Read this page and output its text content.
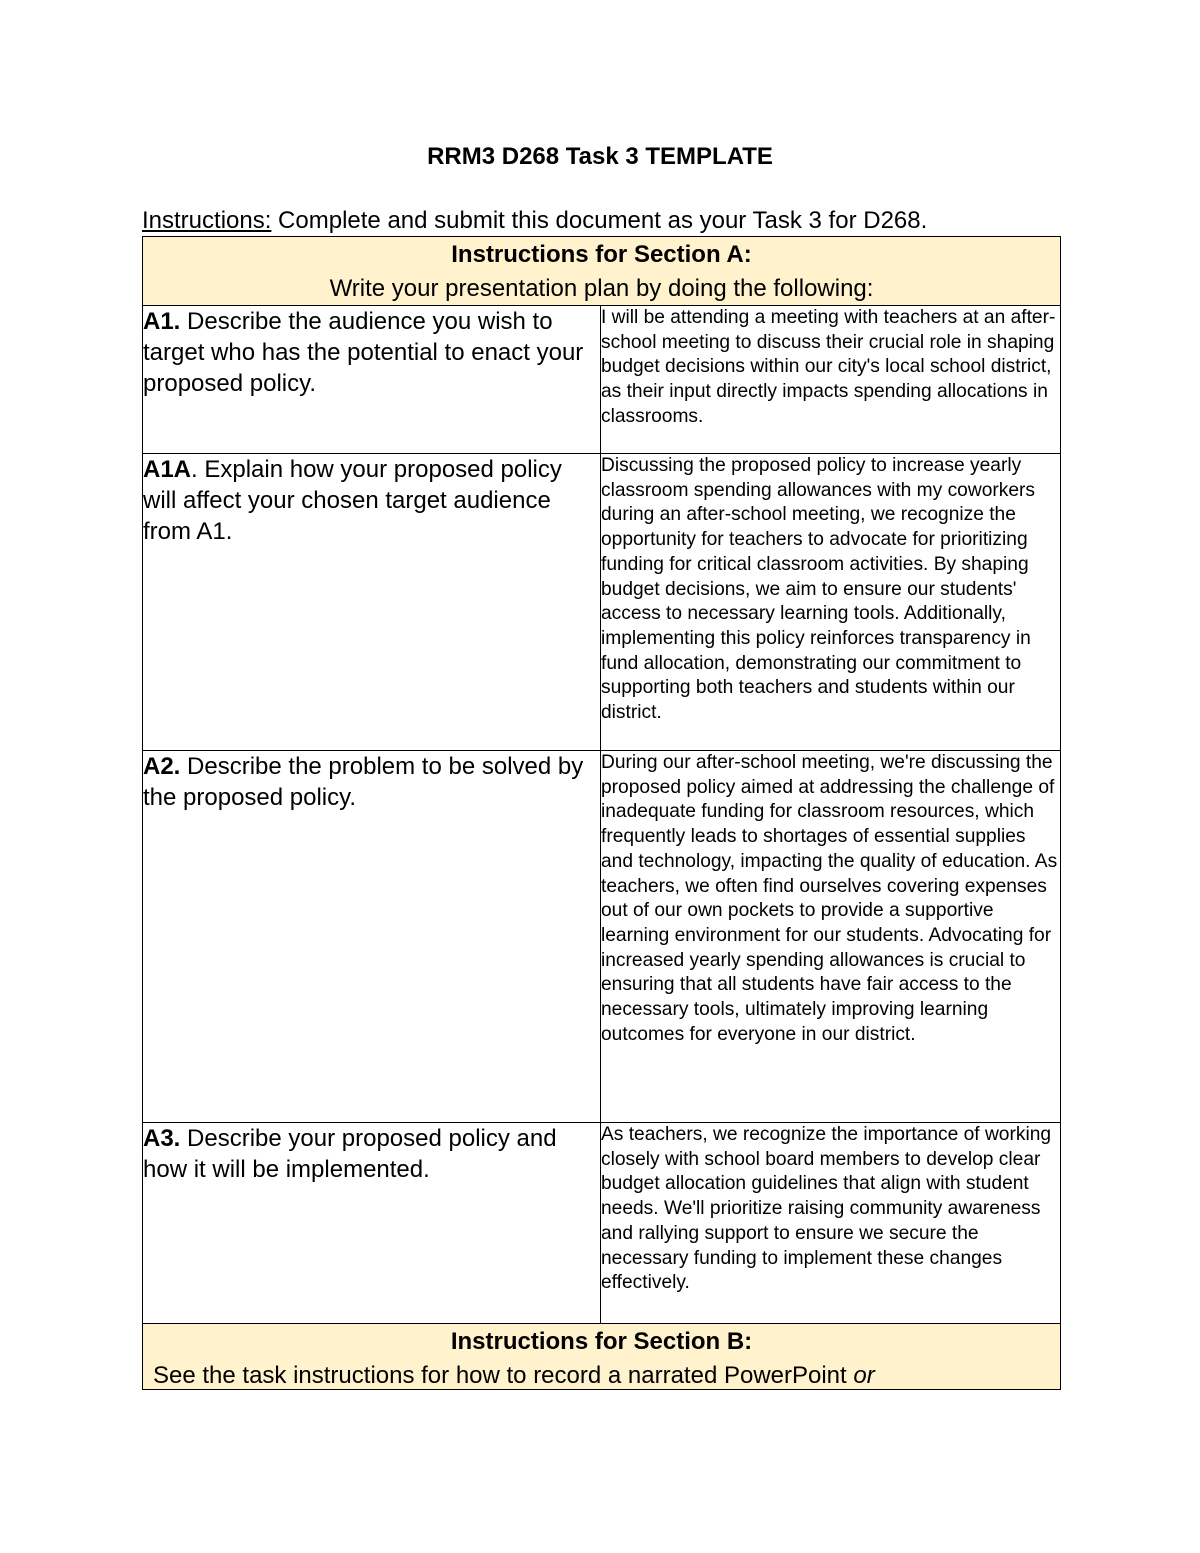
RRM3 D268 Task 3 TEMPLATE
Instructions: Complete and submit this document as your Task 3 for D268.
Instructions for Section A:
Write your presentation plan by doing the following:	

A1. Describe the audience you wish to target who has the potential to enact your proposed policy.	I will be attending a meeting with teachers at an after-school meeting to discuss their crucial role in shaping budget decisions within our city's local school district, as their input directly impacts spending allocations in classrooms.
A1A. Explain how your proposed policy will affect your chosen target audience from A1.	Discussing the proposed policy to increase yearly classroom spending allowances with my coworkers during an after-school meeting, we recognize the opportunity for teachers to advocate for prioritizing funding for critical classroom activities. By shaping budget decisions, we aim to ensure our students' access to necessary learning tools. Additionally, implementing this policy reinforces transparency in fund allocation, demonstrating our commitment to supporting both teachers and students within our district.
A2. Describe the problem to be solved by the proposed policy.	During our after-school meeting, we're discussing the proposed policy aimed at addressing the challenge of inadequate funding for classroom resources, which frequently leads to shortages of essential supplies and technology, impacting the quality of education. As teachers, we often find ourselves covering expenses out of our own pockets to provide a supportive learning environment for our students. Advocating for increased yearly spending allowances is crucial to ensuring that all students have fair access to the necessary tools, ultimately improving learning outcomes for everyone in our district.
A3. Describe your proposed policy and how it will be implemented.	As teachers, we recognize the importance of working closely with school board members to develop clear budget allocation guidelines that align with student needs. We'll prioritize raising community awareness and rallying support to ensure we secure the necessary funding to implement these changes effectively.

Instructions for Section B:
See the task instructions for how to record a narrated PowerPoint or	
